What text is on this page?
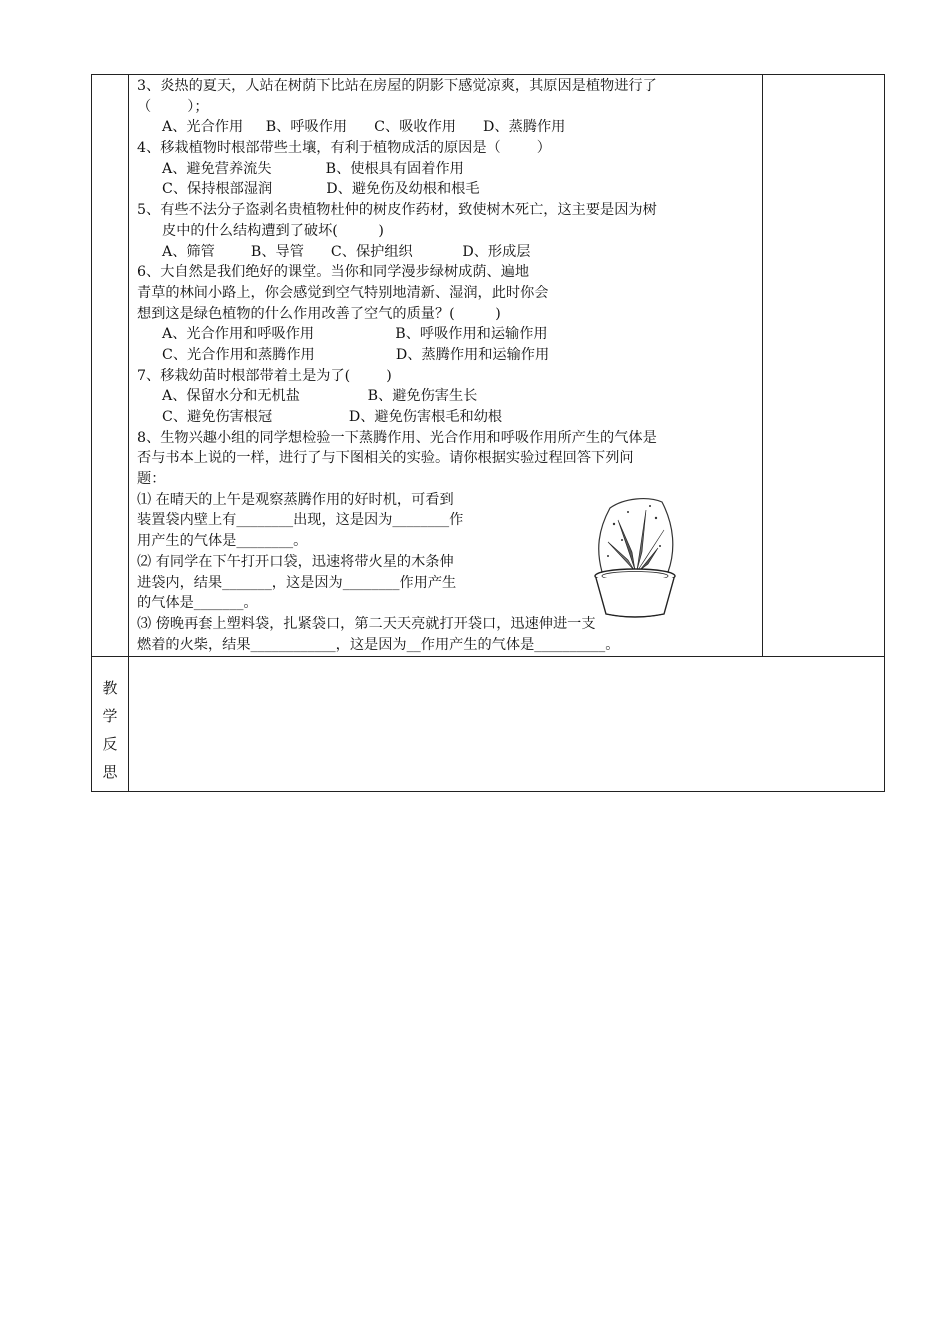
3、炎热的夏天，人站在树荫下比站在房屋的阴影下感觉凉爽，其原因是植物进行了
（        ）；
A、光合作用     B、呼吸作用      C、吸收作用      D、蒸腾作用
4、移栽植物时根部带些土壤，有利于植物成活的原因是（        ）
A、避免营养流失            B、使根具有固着作用
C、保持根部湿润            D、避免伤及幼根和根毛
5、有些不法分子盗剥名贵植物杜仲的树皮作药材，致使树木死亡，这主要是因为树
皮中的什么结构遭到了破坏(         )
A、筛管        B、导管      C、保护组织           D、形成层
6、大自然是我们绝好的课堂。当你和同学漫步绿树成荫、遍地
青草的林间小路上，你会感觉到空气特别地清新、湿润，此时你会
想到这是绿色植物的什么作用改善了空气的质量？(         )
A、光合作用和呼吸作用                  B、呼吸作用和运输作用
C、光合作用和蒸腾作用                  D、蒸腾作用和运输作用
7、移栽幼苗时根部带着土是为了(        )
A、保留水分和无机盐               B、避免伤害生长
C、避免伤害根冠                 D、避免伤害根毛和幼根
8、生物兴趣小组的同学想检验一下蒸腾作用、光合作用和呼吸作用所产生的气体是
否与书本上说的一样，进行了与下图相关的实验。请你根据实验过程回答下列问
题：
⑴ 在晴天的上午是观察蒸腾作用的好时机，可看到
装置袋内壁上有________出现，这是因为________作
用产生的气体是________。
⑵ 有同学在下午打开口袋，迅速将带火星的木条伸
进袋内，结果_______，这是因为________作用产生
的气体是_______。
⑶ 傍晚再套上塑料袋，扎紧袋口，第二天天亮就打开袋口，迅速伸进一支
燃着的火柴，结果____________，这是因为__作用产生的气体是__________。
教
学
反
思
